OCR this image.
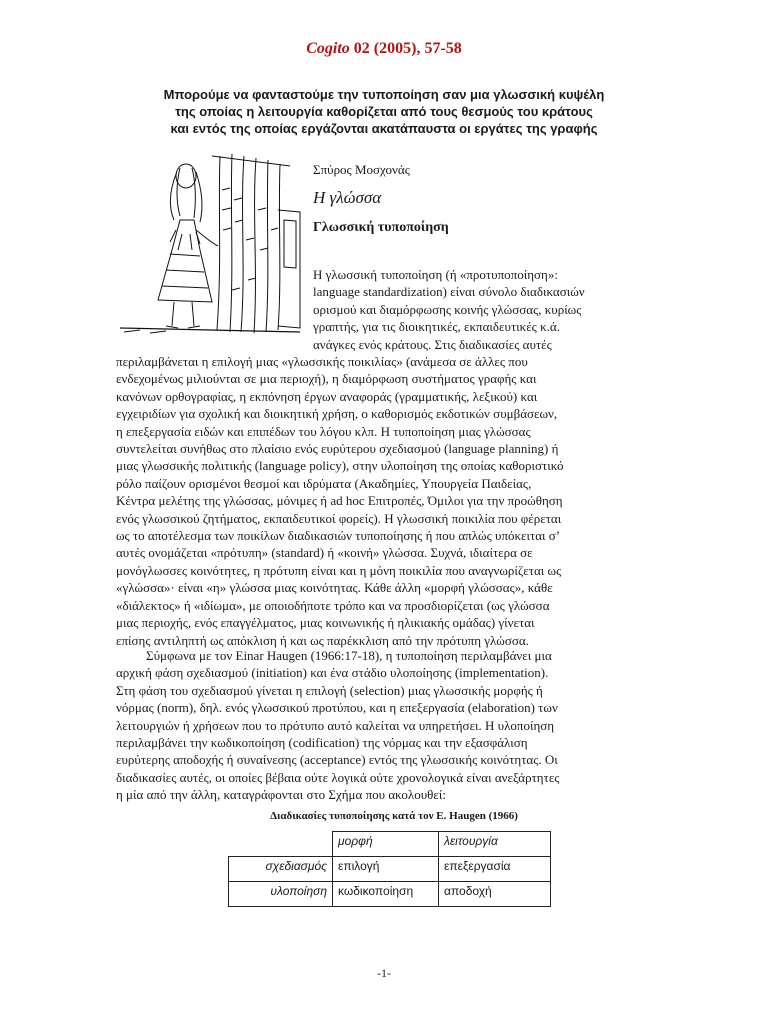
Cogito 02 (2005), 57-58
Μπορούμε να φανταστούμε την τυποποίηση σαν μια γλωσσική κυψέλη
της οποίας η λειτουργία καθορίζεται από τους θεσμούς του κράτους
και εντός της οποίας εργάζονται ακατάπαυστα οι εργάτες της γραφής
Σπύρος Μοσχονάς
Η γλώσσα
Γλωσσική τυποποίηση
Η γλωσσική τυποποίηση (ή «προτυποποίηση»:
language standardization) είναι σύνολο διαδικασιών
ορισμού και διαμόρφωσης κοινής γλώσσας, κυρίως
γραπτής, για τις διοικητικές, εκπαιδευτικές κ.ά.
ανάγκες ενός κράτους. Στις διαδικασίες αυτές
περιλαμβάνεται η επιλογή μιας «γλωσσικής ποικιλίας» (ανάμεσα σε άλλες που
ενδεχομένως μιλιούνται σε μια περιοχή), η διαμόρφωση συστήματος γραφής και
κανόνων ορθογραφίας, η εκπόνηση έργων αναφοράς (γραμματικής, λεξικού) και
εγχειριδίων για σχολική και διοικητική χρήση, ο καθορισμός εκδοτικών συμβάσεων,
η επεξεργασία ειδών και επιπέδων του λόγου κλπ. Η τυποποίηση μιας γλώσσας
συντελείται συνήθως στο πλαίσιο ενός ευρύτερου σχεδιασμού (language planning) ή
μιας γλωσσικής πολιτικής (language policy), στην υλοποίηση της οποίας καθοριστικό
ρόλο παίζουν ορισμένοι θεσμοί και ιδρύματα (Ακαδημίες, Υπουργεία Παιδείας,
Κέντρα μελέτης της γλώσσας, μόνιμες ή ad hoc Επιτροπές, Όμιλοι για την προώθηση
ενός γλωσσικού ζητήματος, εκπαιδευτικοί φορείς). Η γλωσσική ποικιλία που φέρεται
ως το αποτέλεσμα των ποικίλων διαδικασιών τυποποίησης ή που απλώς υπόκειται σ’
αυτές ονομάζεται «πρότυπη» (standard) ή «κοινή» γλώσσα. Συχνά, ιδιαίτερα σε
μονόγλωσσες κοινότητες, η πρότυπη είναι και η μόνη ποικιλία που αναγνωρίζεται ως
«γλώσσα»· είναι «η» γλώσσα μιας κοινότητας. Κάθε άλλη «μορφή γλώσσας», κάθε
«διάλεκτος» ή «ιδίωμα», με οποιοδήποτε τρόπο και να προσδιορίζεται (ως γλώσσα
μιας περιοχής, ενός επαγγέλματος, μιας κοινωνικής ή ηλικιακής ομάδας) γίνεται
επίσης αντιληπτή ως απόκλιση ή και ως παρέκκλιση από την πρότυπη γλώσσα.
Σύμφωνα με τον Einar Haugen (1966:17-18), η τυποποίηση περιλαμβάνει μια
αρχική φάση σχεδιασμού (initiation) και ένα στάδιο υλοποίησης (implementation).
Στη φάση του σχεδιασμού γίνεται η επιλογή (selection) μιας γλωσσικής μορφής ή
νόρμας (norm), δηλ. ενός γλωσσικού προτύπου, και η επεξεργασία (elaboration) των
λειτουργιών ή χρήσεων που το πρότυπο αυτό καλείται να υπηρετήσει. Η υλοποίηση
περιλαμβάνει την κωδικοποίηση (codification) της νόρμας και την εξασφάλιση
ευρύτερης αποδοχής ή συναίνεσης (acceptance) εντός της γλωσσικής κοινότητας. Οι
διαδικασίες αυτές, οι οποίες βέβαια ούτε λογικά ούτε χρονολογικά είναι ανεξάρτητες
η μία από την άλλη, καταγράφονται στο Σχήμα που ακολουθεί:
Διαδικασίες τυποποίησης κατά τον E. Haugen (1966)
	μορφή	λειτουργία
σχεδιασμός	επιλογή	επεξεργασία
υλοποίηση	κωδικοποίηση	αποδοχή
-1-
